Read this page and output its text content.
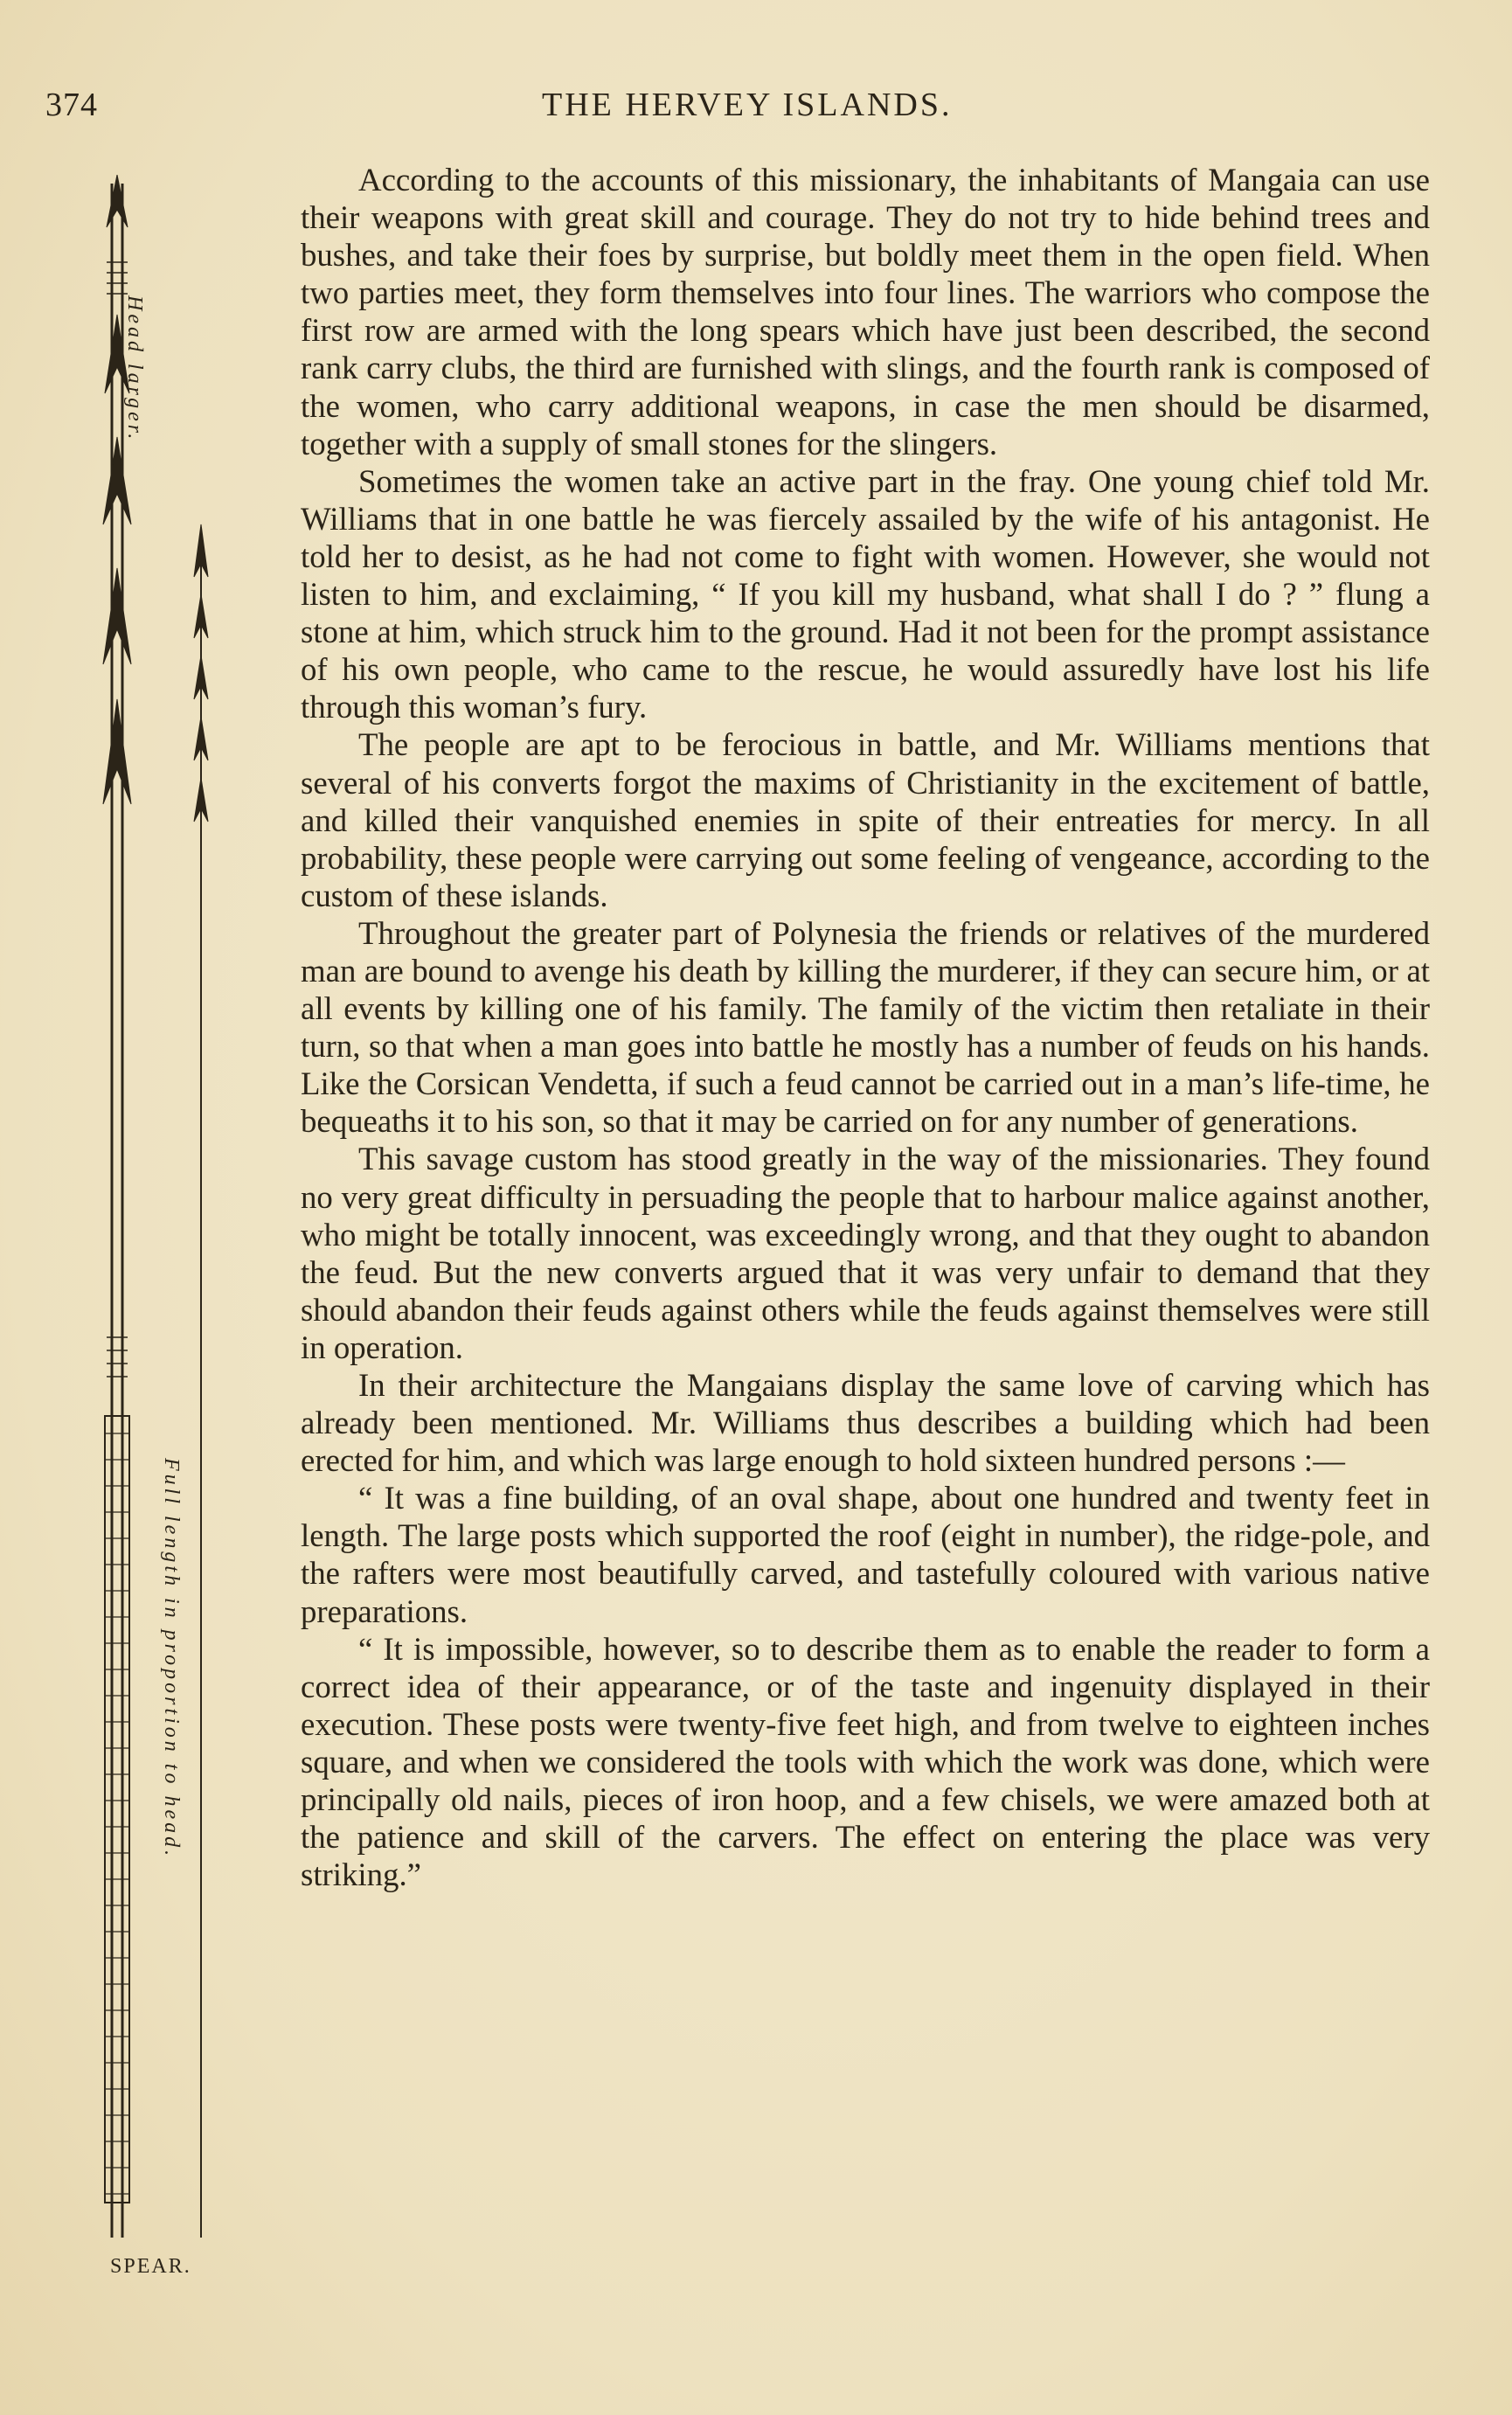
374	THE HERVEY ISLANDS.
Head larger.
Full length in proportion to head.
SPEAR.

According to the accounts of this missionary, the inhabitants of Mangaia can use their weapons with great skill and courage. They do not try to hide behind trees and bushes, and take their foes by surprise, but boldly meet them in the open field. When two parties meet, they form themselves into four lines. The warriors who compose the first row are armed with the long spears which have just been described, the second rank carry clubs, the third are furnished with slings, and the fourth rank is composed of the women, who carry additional weapons, in case the men should be disarmed, together with a supply of small stones for the slingers.

Sometimes the women take an active part in the fray. One young chief told Mr. Williams that in one battle he was fiercely assailed by the wife of his antagonist. He told her to desist, as he had not come to fight with women. However, she would not listen to him, and exclaiming, “ If you kill my husband, what shall I do ? ” flung a stone at him, which struck him to the ground. Had it not been for the prompt assistance of his own people, who came to the rescue, he would assuredly have lost his life through this woman’s fury.

The people are apt to be ferocious in battle, and Mr. Williams mentions that several of his converts forgot the maxims of Christianity in the excitement of battle, and killed their vanquished enemies in spite of their entreaties for mercy. In all probability, these people were carrying out some feeling of vengeance, according to the custom of these islands.

Throughout the greater part of Polynesia the friends or relatives of the murdered man are bound to avenge his death by killing the murderer, if they can secure him, or at all events by killing one of his family. The family of the victim then retaliate in their turn, so that when a man goes into battle he mostly has a number of feuds on his hands. Like the Corsican Vendetta, if such a feud cannot be carried out in a man’s life-time, he bequeaths it to his son, so that it may be carried on for any number of generations.

This savage custom has stood greatly in the way of the missionaries. They found no very great difficulty in persuading the people that to harbour malice against another, who might be totally innocent, was exceedingly wrong, and that they ought to abandon the feud. But the new converts argued that it was very unfair to demand that they should abandon their feuds against others while the feuds against themselves were still in operation.

In their architecture the Mangaians display the same love of carving which has already been mentioned. Mr. Williams thus describes a building which had been erected for him, and which was large enough to hold sixteen hundred persons :—

“ It was a fine building, of an oval shape, about one hundred and twenty feet in length. The large posts which supported the roof (eight in number), the ridge-pole, and the rafters were most beautifully carved, and tastefully coloured with various native preparations.

“ It is impossible, however, so to describe them as to enable the reader to form a correct idea of their appearance, or of the taste and ingenuity displayed in their execution. These posts were twenty-five feet high, and from twelve to eighteen inches square, and when we considered the tools with which the work was done, which were principally old nails, pieces of iron hoop, and a few chisels, we were amazed both at the patience and skill of the carvers. The effect on entering the place was very striking.”
